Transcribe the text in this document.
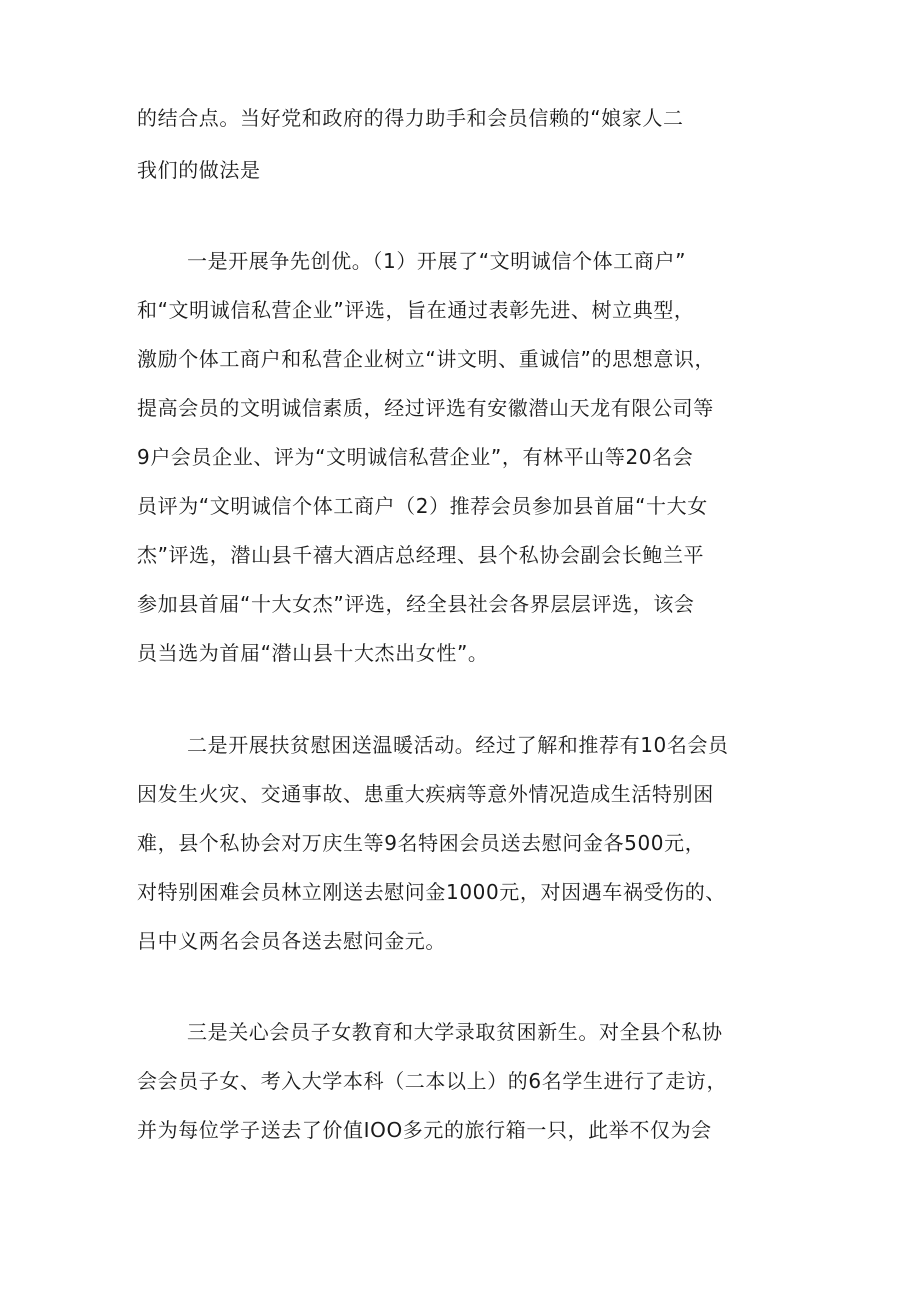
的结合点。当好党和政府的得力助手和会员信赖的“娘家人二
我们的做法是
一是开展争先创优。（1）开展了“文明诚信个体工商户”
和“文明诚信私营企业”评选，旨在通过表彰先进、树立典型，
激励个体工商户和私营企业树立“讲文明、重诚信”的思想意识，
提高会员的文明诚信素质，经过评选有安徽潜山天龙有限公司等
9户会员企业、评为“文明诚信私营企业”，有林平山等20名会
员评为“文明诚信个体工商户（2）推荐会员参加县首届“十大女
杰”评选，潜山县千禧大酒店总经理、县个私协会副会长鲍兰平
参加县首届“十大女杰”评选，经全县社会各界层层评选，该会
员当选为首届“潜山县十大杰出女性”。
二是开展扶贫慰困送温暖活动。经过了解和推荐有10名会员
因发生火灾、交通事故、患重大疾病等意外情况造成生活特别困
难，县个私协会对万庆生等9名特困会员送去慰问金各500元，
对特别困难会员林立刚送去慰问金1000元，对因遇车祸受伤的、
吕中义两名会员各送去慰问金元。
三是关心会员子女教育和大学录取贫困新生。对全县个私协
会会员子女、考入大学本科（二本以上）的6名学生进行了走访，
并为每位学子送去了价值IOO多元的旅行箱一只，此举不仅为会
